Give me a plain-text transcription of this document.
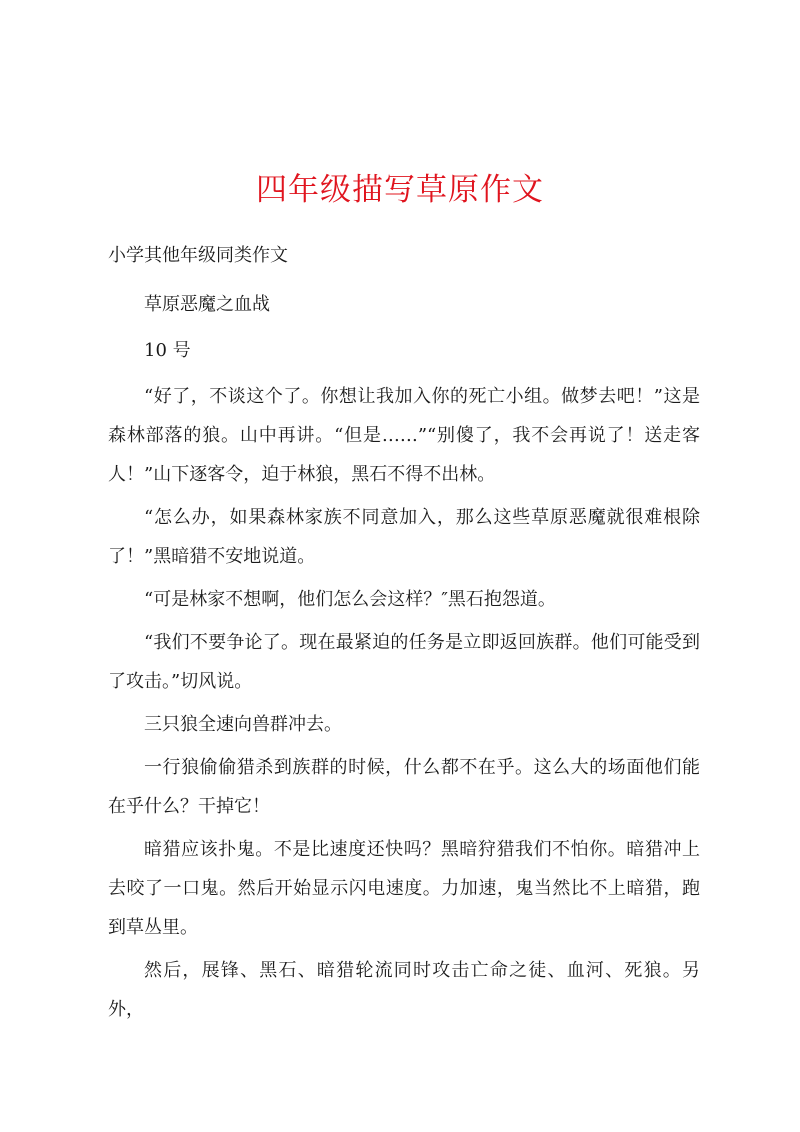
四年级描写草原作文
小学其他年级同类作文

草原恶魔之血战

10 号

“好了，不谈这个了。你想让我加入你的死亡小组。做梦去吧！”这是森林部落的狼。山中再讲。“但是……”“别傻了，我不会再说了！送走客人！”山下逐客令，迫于林狼，黑石不得不出林。

“怎么办，如果森林家族不同意加入，那么这些草原恶魔就很难根除了！”黑暗猎不安地说道。

“可是林家不想啊，他们怎么会这样？″黑石抱怨道。

“我们不要争论了。现在最紧迫的任务是立即返回族群。他们可能受到了攻击。”切风说。

三只狼全速向兽群冲去。

一行狼偷偷猎杀到族群的时候，什么都不在乎。这么大的场面他们能在乎什么？干掉它！

暗猎应该扑鬼。不是比速度还快吗？黑暗狩猎我们不怕你。暗猎冲上去咬了一口鬼。然后开始显示闪电速度。力加速，鬼当然比不上暗猎，跑到草丛里。

然后，展锋、黑石、暗猎轮流同时攻击亡命之徒、血河、死狼。另外，
